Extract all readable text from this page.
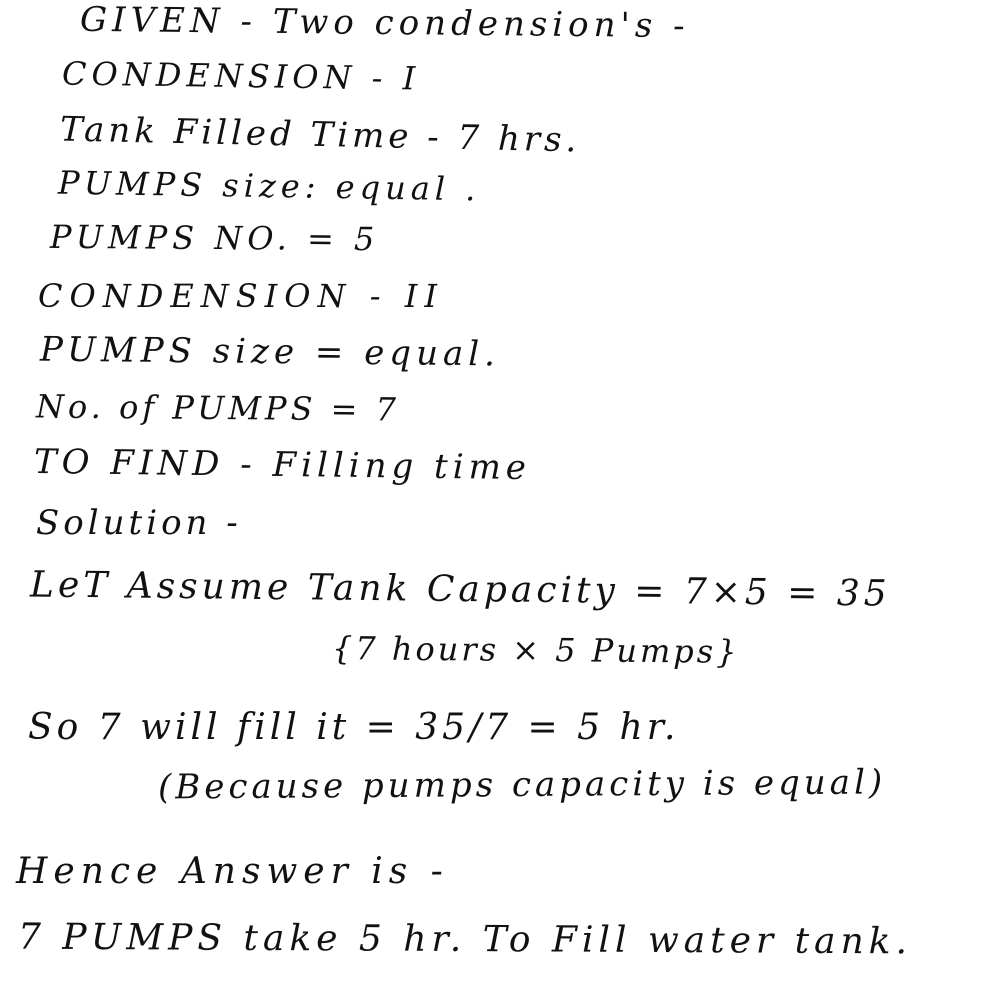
GIVEN - Two condension's -
CONDENSION - I
Tank Filled Time - 7 hrs.
PUMPS size: equal .
PUMPS NO. = 5
CONDENSION - II
PUMPS size = equal.
No. of PUMPS = 7
TO FIND - Filling time
Solution -
LeT Assume Tank Capacity = 7×5 = 35
{7 hours × 5 Pumps}
So 7 will fill it = 35/7 = 5 hr.
(Because pumps capacity is equal)
Hence Answer is -
7 PUMPS take 5 hr. To Fill water tank.
